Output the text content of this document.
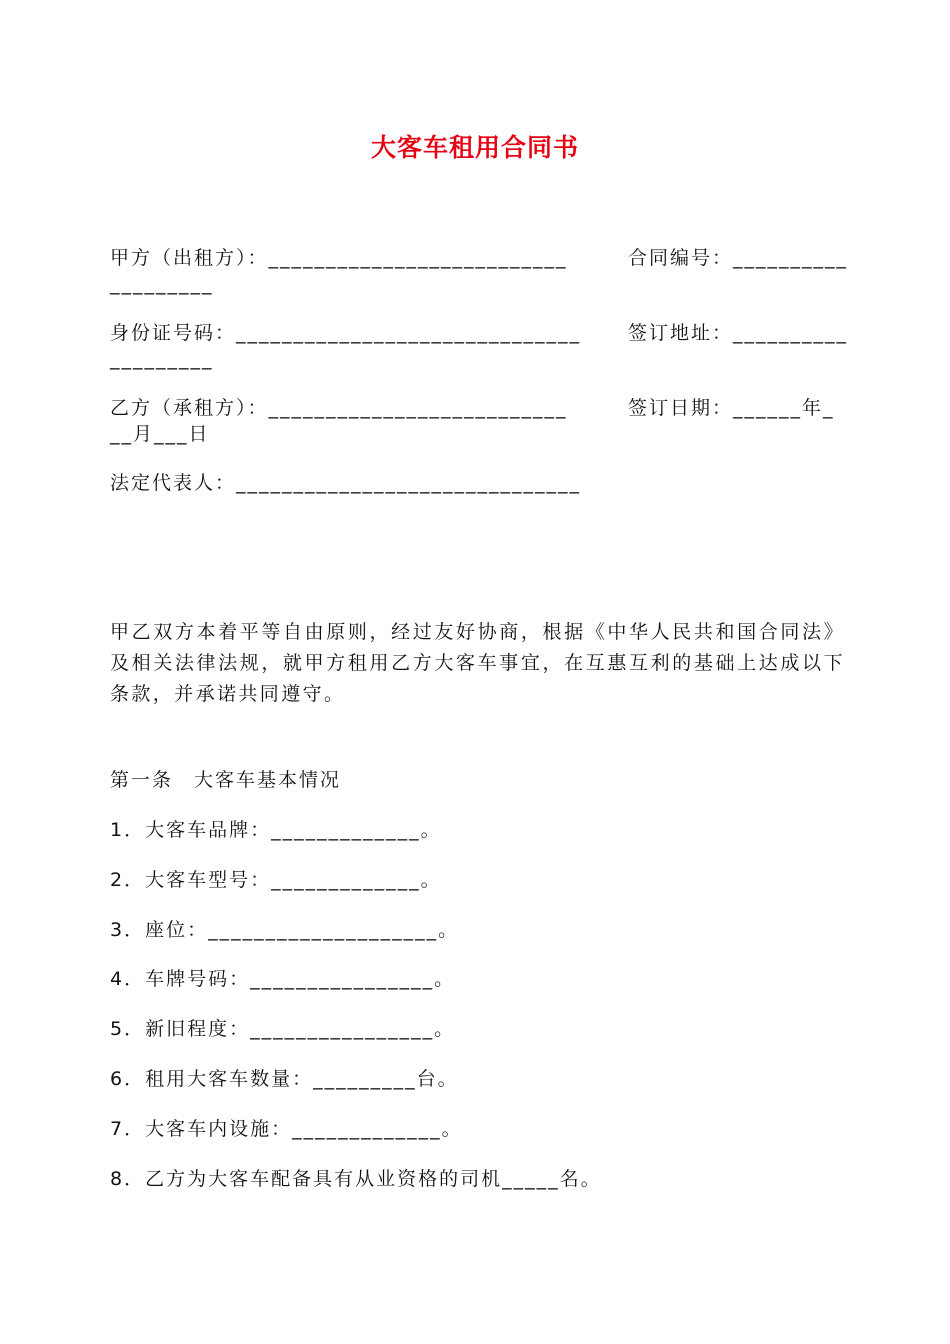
大客车租用合同书
甲方（出租方）：__________________________	合同编号：__________
_________
身份证号码：______________________________ 签订地址：__________
_________
乙方（承租方）：__________________________	签订日期：______年_
__月___日
法定代表人：______________________________
甲乙双方本着平等自由原则，经过友好协商，根据《中华人民共和国合同法》及相关法律法规，就甲方租用乙方大客车事宜，在互惠互利的基础上达成以下条款，并承诺共同遵守。
第一条　大客车基本情况
1．大客车品牌：_____________。
2．大客车型号：_____________。
3．座位：____________________。
4．车牌号码：________________。
5．新旧程度：________________。
6．租用大客车数量：_________台。
7．大客车内设施：_____________。
8．乙方为大客车配备具有从业资格的司机_____名。
